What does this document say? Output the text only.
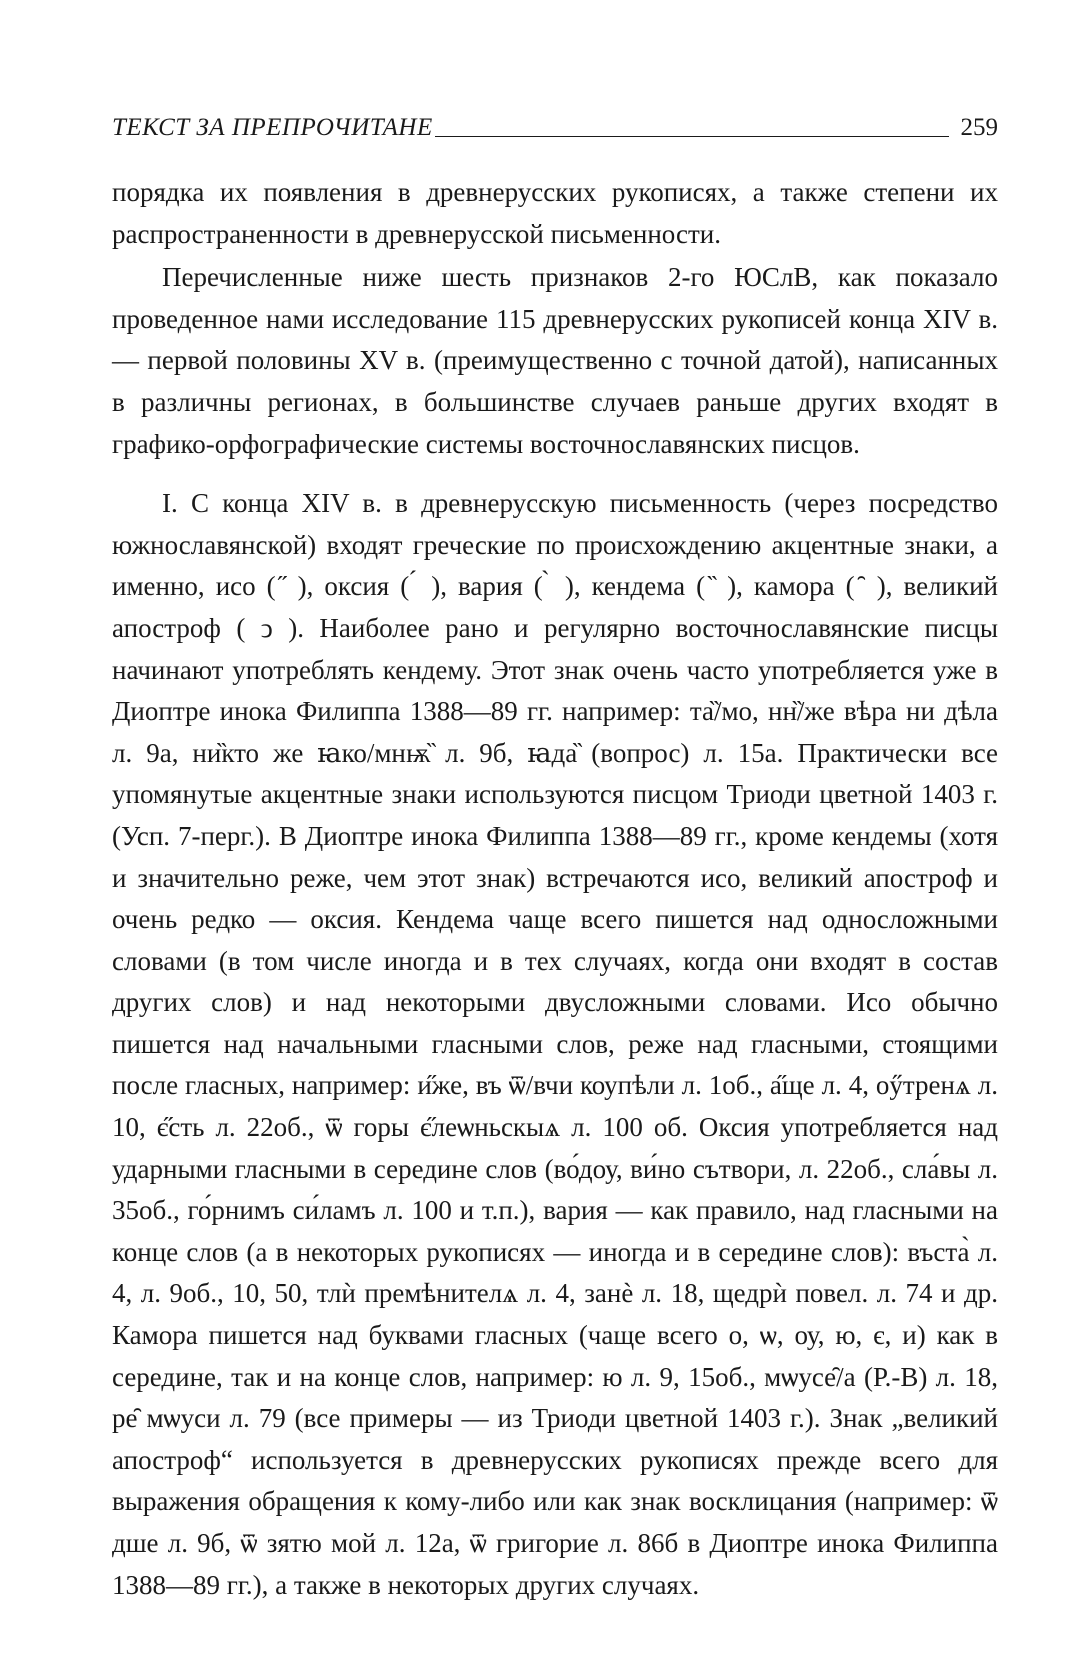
ТЕКСТ ЗА ПРЕПРОЧИТАНЕ	259

порядка их появления в древнерусских рукописях, а также степени их распространенности в древнерусской письменности.

Перечисленные ниже шесть признаков 2-го ЮСлВ, как показало проведенное нами исследование 115 древнерусских рукописей конца XIV в. — первой половины XV в. (преимущественно с точной датой), написанных в различны регионах, в большинстве случаев раньше других входят в графико-орфографические системы восточнославянских писцов.

I. С конца XIV в. в древнерусскую письменность (через посредство южнославянской) входят греческие по происхождению акцентные знаки, а именно, исо ( ̋ ), оксия ( ́ ), вария ( ̀ ), кендема ( ̏ ), камора ( ̑ ), великий апостроф ( ͻ ). Наиболее рано и регулярно восточнославянские писцы начинают употреблять кендему. Этот знак очень часто употребляется уже в Диоптре инока Филиппа 1388—89 гг. например: та̏/мо, нн̏/же вѣра ни дѣла л. 9а, ни̏кто же ꙗко/мнѭ̏ л. 9б, ꙗда̏ (вопрос) л. 15а. Практически все упомянутые акцентные знаки используются писцом Триоди цветной 1403 г. (Усп. 7-перг.). В Диоптре инока Филиппа 1388—89 гг., кроме кендемы (хотя и значительно реже, чем этот знак) встречаются исо, великий апостроф и очень редко — оксия. Кендема чаще всего пишется над односложными словами (в том числе иногда и в тех случаях, когда они входят в состав других слов) и над некоторыми двусложными словами. Исо обычно пишется над начальными гласными слов, реже над гласными, стоящими после гласных, например: и̋же, въ ѿ/вчи коупѣли л. 1об., а̋ще л. 4, оӳтренѧ л. 10, є̋сть л. 22об., ѿ горы є̋леѡньскыѧ л. 100 об. Оксия употребляется над ударными гласными в середине слов (во́доу, ви́но сътвори, л. 22об., сла́вы л. 35об., го́рнимъ си́ламъ л. 100 и т.п.), вария — как правило, над гласными на конце слов (а в некоторых рукописях — иногда и в середине слов): въста̀ л. 4, л. 9об., 10, 50, тлѝ премѣнителѧ л. 4, занѐ л. 18, щедрѝ повел. л. 74 и др. Камора пишется над буквами гласных (чаще всего о, ѡ, оу, ю, є, и) как в середине, так и на конце слов, например: ю л. 9, 15об., мѡусе̑/а (Р.-В) л. 18, ре̑ мѡуси л. 79 (все примеры — из Триоди цветной 1403 г.). Знак „великий апостроф“ используется в древнерусских рукописях прежде всего для выражения обращения к кому-либо или как знак восклицания (например: ѿ дше л. 9б, ѿ зятю мой л. 12а, ѿ григорие л. 86б в Диоптре инока Филиппа 1388—89 гг.), а также в некоторых других случаях.
